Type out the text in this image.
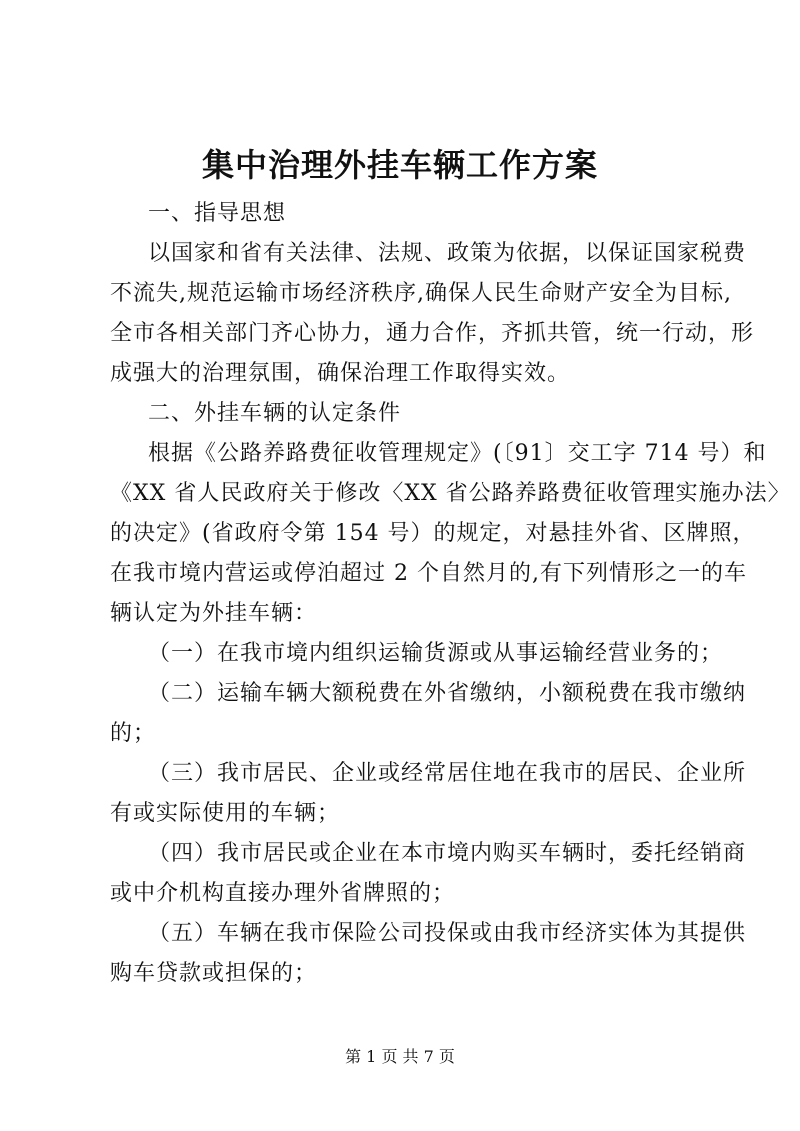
集中治理外挂车辆工作方案
一、指导思想
以国家和省有关法律、法规、政策为依据，以保证国家税费
不流失,规范运输市场经济秩序,确保人民生命财产安全为目标,
全市各相关部门齐心协力，通力合作，齐抓共管，统一行动，形
成强大的治理氛围，确保治理工作取得实效。
二、外挂车辆的认定条件
根据《公路养路费征收管理规定》(〔91〕交工字 714 号）和
《XX 省人民政府关于修改〈XX 省公路养路费征收管理实施办法〉
的决定》(省政府令第 154 号）的规定，对悬挂外省、区牌照，
在我市境内营运或停泊超过 2 个自然月的,有下列情形之一的车
辆认定为外挂车辆：
（一）在我市境内组织运输货源或从事运输经营业务的；
（二）运输车辆大额税费在外省缴纳，小额税费在我市缴纳
的；
（三）我市居民、企业或经常居住地在我市的居民、企业所
有或实际使用的车辆；
（四）我市居民或企业在本市境内购买车辆时，委托经销商
或中介机构直接办理外省牌照的；
（五）车辆在我市保险公司投保或由我市经济实体为其提供
购车贷款或担保的；
第 1 页 共 7 页
